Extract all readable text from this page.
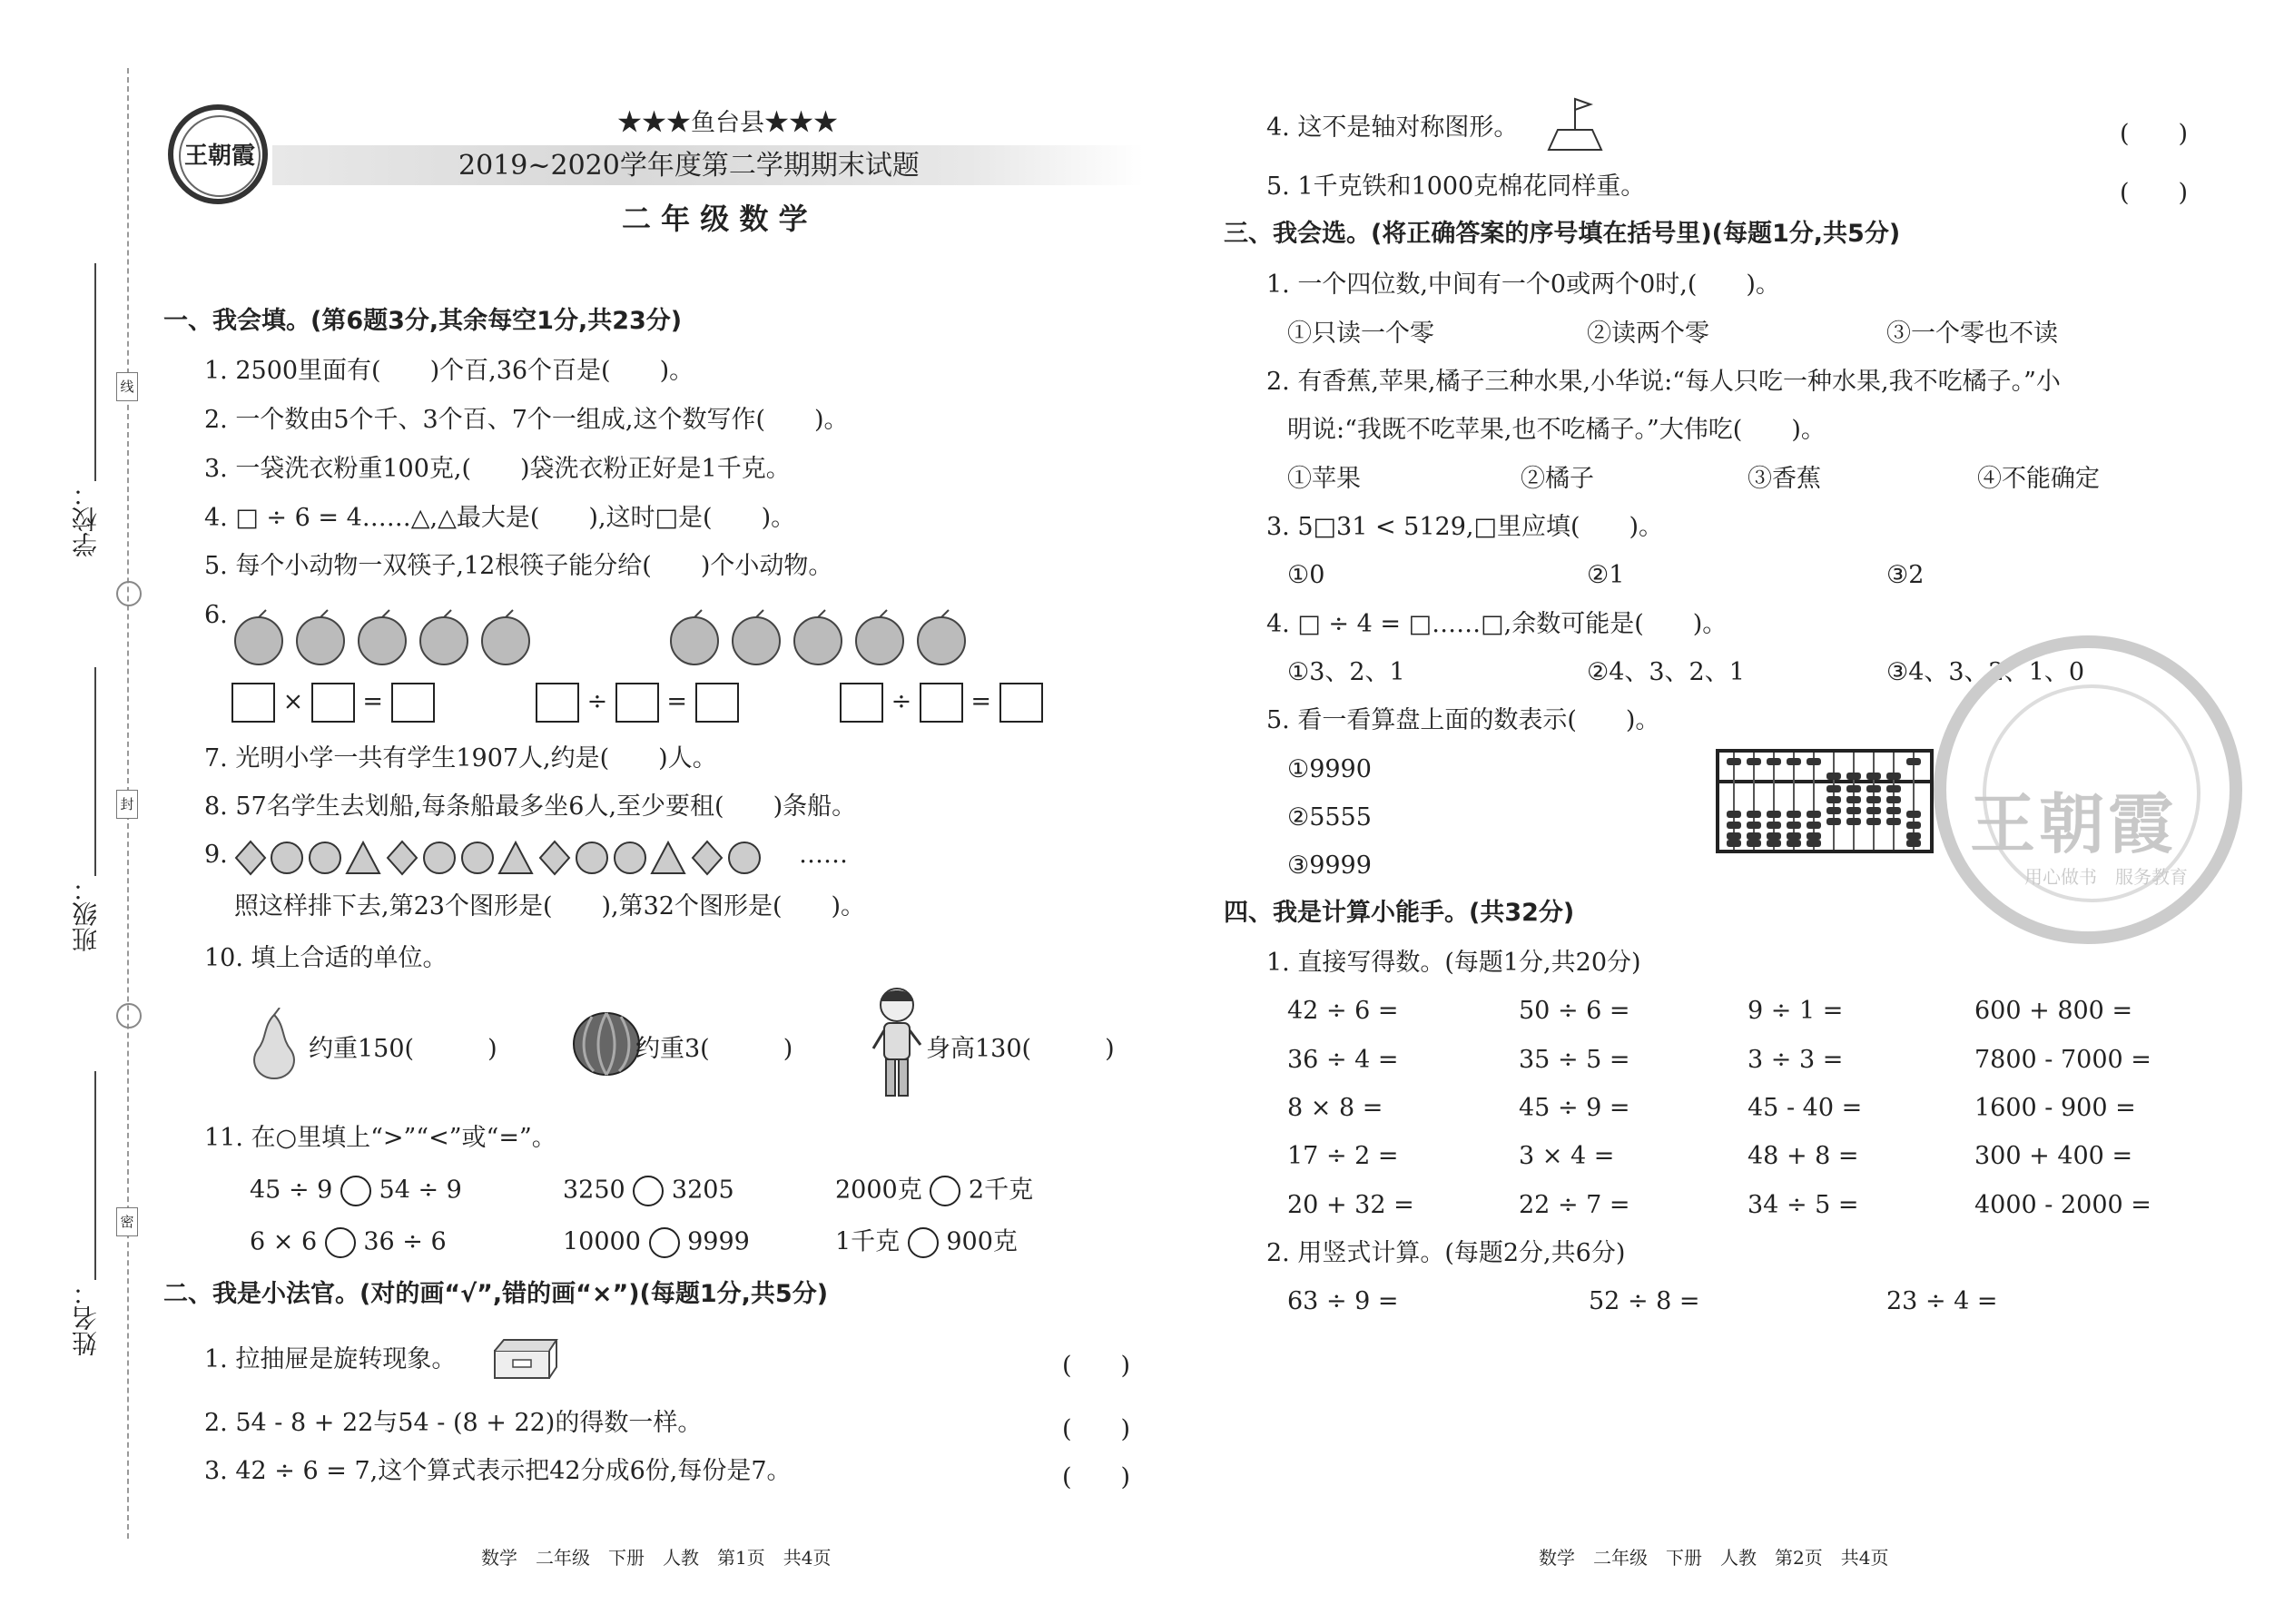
学校：
班级：
姓名：
线
封
密
王朝霞
★★★鱼台县★★★
2019~2020学年度第二学期期末试题
二 年 级 数 学
一、我会填。(第6题3分,其余每空1分,共23分)
1. 2500里面有(　　)个百,36个百是(　　)。
2. 一个数由5个千、3个百、7个一组成,这个数写作(　　)。
3. 一袋洗衣粉重100克,(　　)袋洗衣粉正好是1千克。
4. □ ÷ 6 = 4……△,△最大是(　　),这时□是(　　)。
5. 每个小动物一双筷子,12根筷子能分给(　　)个小动物。
6.
× =	÷ =	÷ =
7. 光明小学一共有学生1907人,约是(　　)人。
8. 57名学生去划船,每条船最多坐6人,至少要租(　　)条船。
9.	……
照这样排下去,第23个图形是(　　),第32个图形是(　　)。
10. 填上合适的单位。
约重150(　　　)	约重3(　　　)	身高130(　　　)
11. 在○里填上“>”“<”或“=”。
45 ÷ 9 54 ÷ 9	3250 3205	2000克 2千克
6 × 6 36 ÷ 6	10000 9999	1千克 900克
二、我是小法官。(对的画“√”,错的画“×”)(每题1分,共5分)
1. 拉抽屉是旋转现象。	(　　)
2. 54 - 8 + 22与54 - (8 + 22)的得数一样。	(　　)
3. 42 ÷ 6 = 7,这个算式表示把42分成6份,每份是7。	(　　)
数学　二年级　下册　人教　第1页　共4页
4. 这不是轴对称图形。	(　　)
5. 1千克铁和1000克棉花同样重。	(　　)
三、我会选。(将正确答案的序号填在括号里)(每题1分,共5分)
1. 一个四位数,中间有一个0或两个0时,(　　)。
①只读一个零	②读两个零	③一个零也不读
2. 有香蕉,苹果,橘子三种水果,小华说:“每人只吃一种水果,我不吃橘子。”小
明说:“我既不吃苹果,也不吃橘子。”大伟吃(　　)。
①苹果	②橘子	③香蕉	④不能确定
3. 5□31 < 5129,□里应填(　　)。
①0	②1	③2
4. □ ÷ 4 = □……□,余数可能是(　　)。
①3、2、1	②4、3、2、1	③4、3、2、1、0
5. 看一看算盘上面的数表示(　　)。
①9990
②5555
③9999
王朝霞
用心做书　服务教育
四、我是计算小能手。(共32分)
1. 直接写得数。(每题1分,共20分)
42 ÷ 6 =	50 ÷ 6 =	9 ÷ 1 =	600 + 800 =
36 ÷ 4 =	35 ÷ 5 =	3 ÷ 3 =	7800 - 7000 =
8 × 8 =	45 ÷ 9 =	45 - 40 =	1600 - 900 =
17 ÷ 2 =	3 × 4 =	48 + 8 =	300 + 400 =
20 + 32 =	22 ÷ 7 =	34 ÷ 5 =	4000 - 2000 =
2. 用竖式计算。(每题2分,共6分)
63 ÷ 9 =	52 ÷ 8 =	23 ÷ 4 =
数学　二年级　下册　人教　第2页　共4页
